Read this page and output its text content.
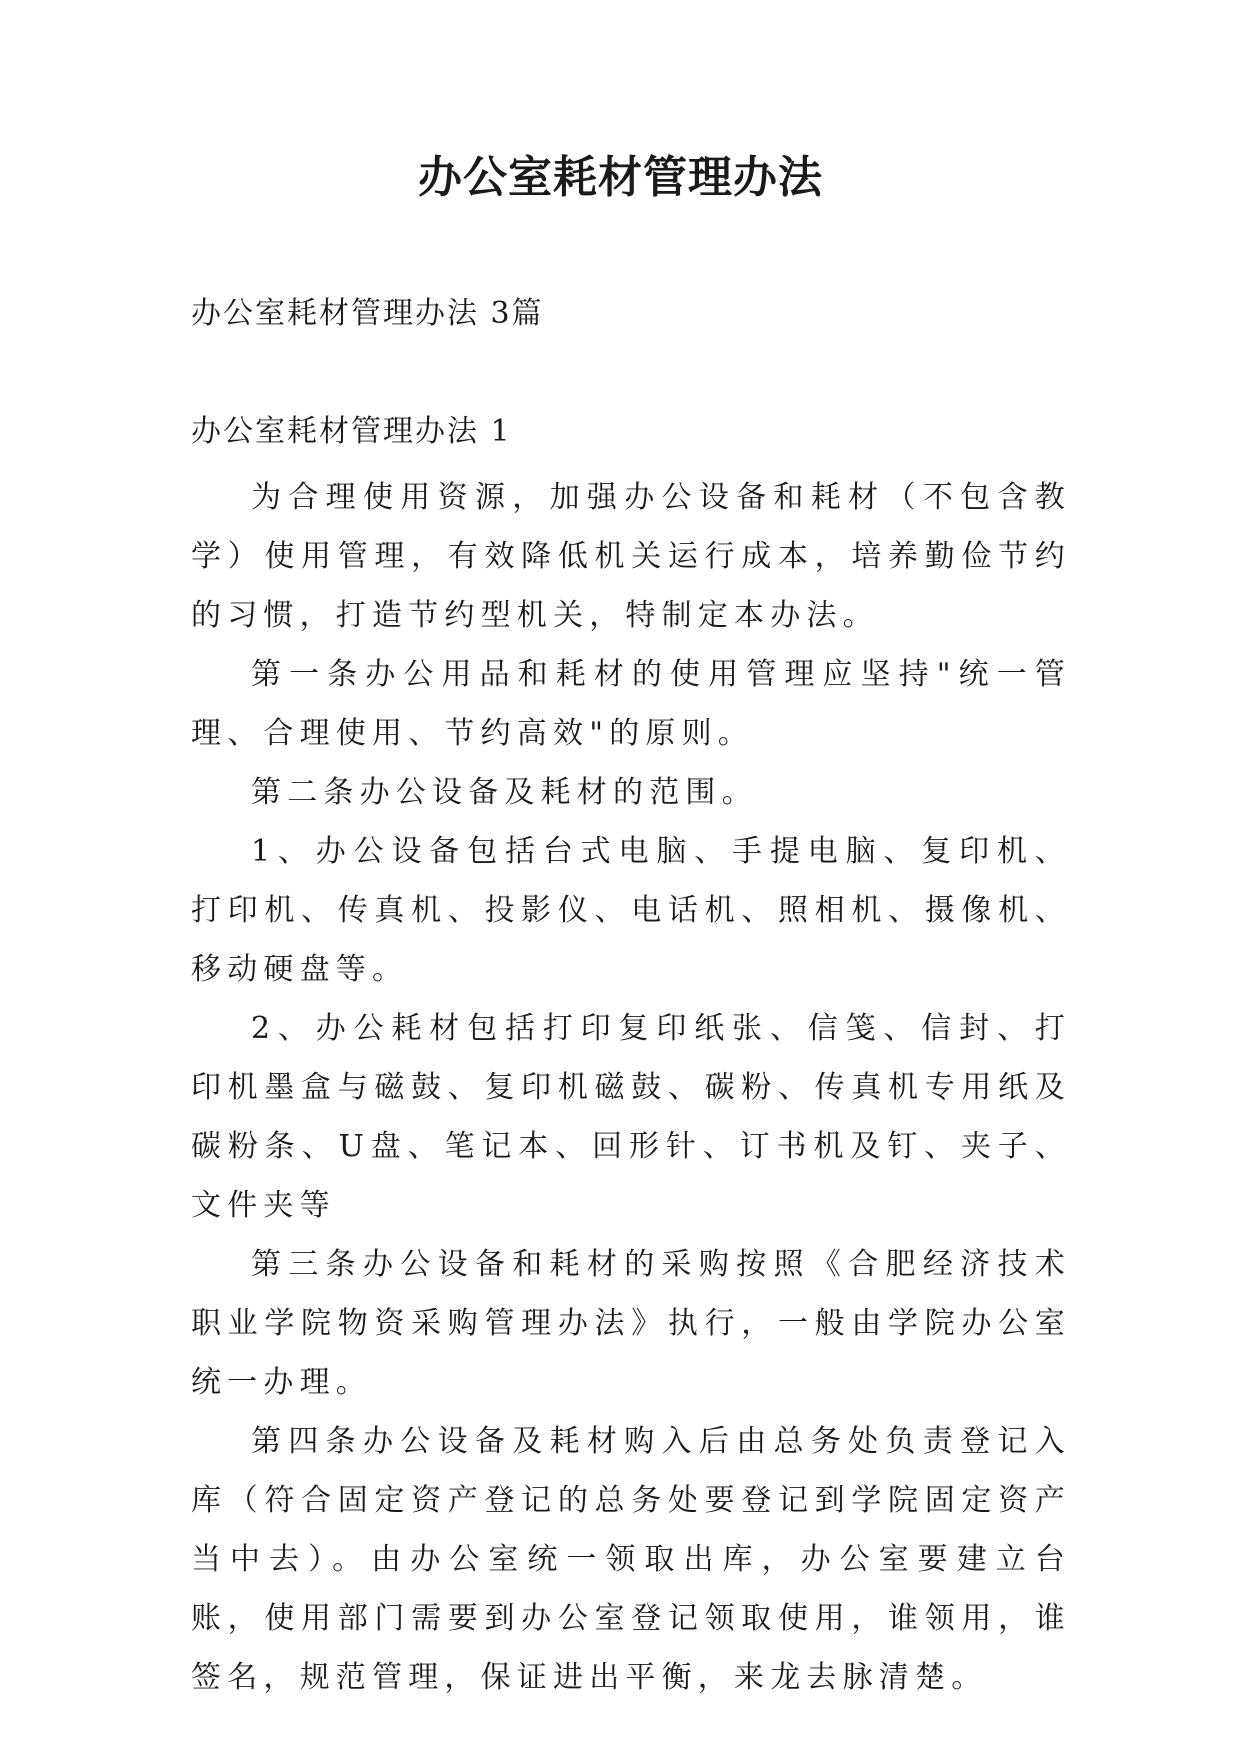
办公室耗材管理办法

办公室耗材管理办法 3篇

办公室耗材管理办法 1

为合理使用资源，加强办公设备和耗材（不包含教学）使用管理，有效降低机关运行成本，培养勤俭节约的习惯，打造节约型机关，特制定本办法。

第一条办公用品和耗材的使用管理应坚持"统一管理、合理使用、节约高效"的原则。

第二条办公设备及耗材的范围。

1、办公设备包括台式电脑、手提电脑、复印机、打印机、传真机、投影仪、电话机、照相机、摄像机、移动硬盘等。

2、办公耗材包括打印复印纸张、信笺、信封、打印机墨盒与磁鼓、复印机磁鼓、碳粉、传真机专用纸及碳粉条、U盘、笔记本、回形针、订书机及钉、夹子、文件夹等

第三条办公设备和耗材的采购按照《合肥经济技术职业学院物资采购管理办法》执行，一般由学院办公室统一办理。

第四条办公设备及耗材购入后由总务处负责登记入库（符合固定资产登记的总务处要登记到学院固定资产当中去）。由办公室统一领取出库，办公室要建立台账，使用部门需要到办公室登记领取使用，谁领用，谁签名，规范管理，保证进出平衡，来龙去脉清楚。
